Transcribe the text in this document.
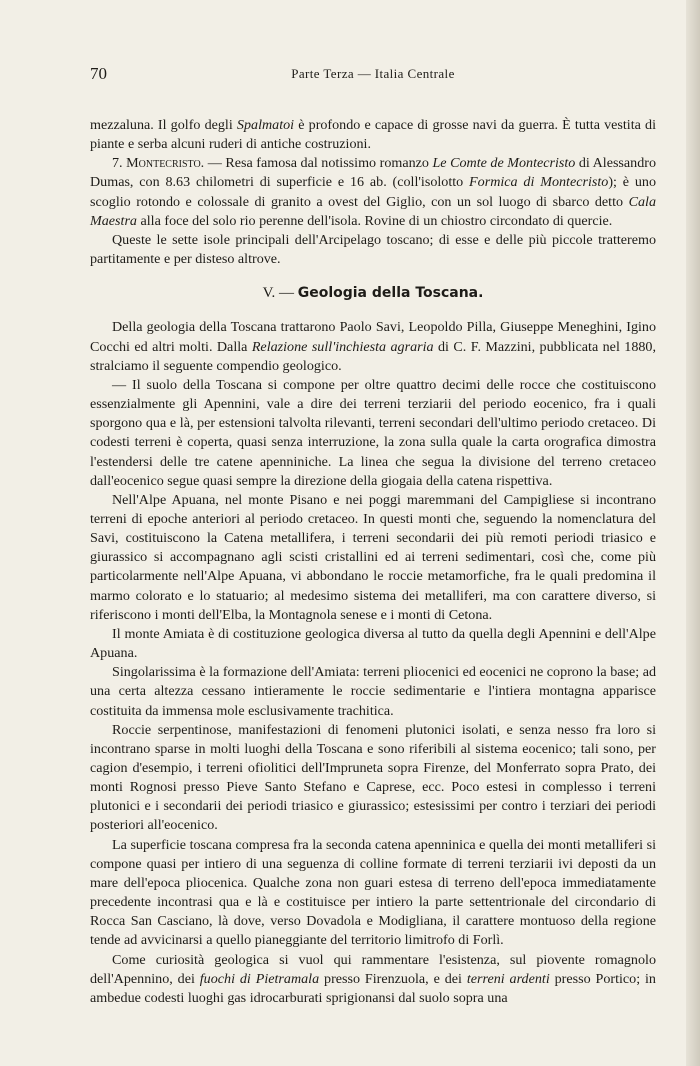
70	Parte Terza — Italia Centrale

mezzaluna. Il golfo degli Spalmatoi è profondo e capace di grosse navi da guerra. È tutta vestita di piante e serba alcuni ruderi di antiche costruzioni.

7. Montecristo. — Resa famosa dal notissimo romanzo Le Comte de Montecristo di Alessandro Dumas, con 8.63 chilometri di superficie e 16 ab. (coll'isolotto Formica di Montecristo); è uno scoglio rotondo e colossale di granito a ovest del Giglio, con un sol luogo di sbarco detto Cala Maestra alla foce del solo rio perenne dell'isola. Rovine di un chiostro circondato di quercie.

Queste le sette isole principali dell'Arcipelago toscano; di esse e delle più piccole tratteremo partitamente e per disteso altrove.

V. — Geologia della Toscana.

Della geologia della Toscana trattarono Paolo Savi, Leopoldo Pilla, Giuseppe Meneghini, Igino Cocchi ed altri molti. Dalla Relazione sull'inchiesta agraria di C. F. Mazzini, pubblicata nel 1880, stralciamo il seguente compendio geologico.

— Il suolo della Toscana si compone per oltre quattro decimi delle rocce che costituiscono essenzialmente gli Apennini, vale a dire dei terreni terziarii del periodo eocenico, fra i quali sporgono qua e là, per estensioni talvolta rilevanti, terreni secondari dell'ultimo periodo cretaceo. Di codesti terreni è coperta, quasi senza interruzione, la zona sulla quale la carta orografica dimostra l'estendersi delle tre catene apenniniche. La linea che segua la divisione del terreno cretaceo dall'eocenico segue quasi sempre la direzione della giogaia della catena rispettiva.

Nell'Alpe Apuana, nel monte Pisano e nei poggi maremmani del Campigliese si incontrano terreni di epoche anteriori al periodo cretaceo. In questi monti che, seguendo la nomenclatura del Savi, costituiscono la Catena metallifera, i terreni secondarii dei più remoti periodi triasico e giurassico si accompagnano agli scisti cristallini ed ai terreni sedimentari, così che, come più particolarmente nell'Alpe Apuana, vi abbondano le roccie metamorfiche, fra le quali predomina il marmo colorato e lo statuario; al medesimo sistema dei metalliferi, ma con carattere diverso, si riferiscono i monti dell'Elba, la Montagnola senese e i monti di Cetona.

Il monte Amiata è di costituzione geologica diversa al tutto da quella degli Apennini e dell'Alpe Apuana.

Singolarissima è la formazione dell'Amiata: terreni pliocenici ed eocenici ne coprono la base; ad una certa altezza cessano intieramente le roccie sedimentarie e l'intiera montagna apparisce costituita da immensa mole esclusivamente trachitica.

Roccie serpentinose, manifestazioni di fenomeni plutonici isolati, e senza nesso fra loro si incontrano sparse in molti luoghi della Toscana e sono riferibili al sistema eocenico; tali sono, per cagion d'esempio, i terreni ofiolitici dell'Impruneta sopra Firenze, del Monferrato sopra Prato, dei monti Rognosi presso Pieve Santo Stefano e Caprese, ecc. Poco estesi in complesso i terreni plutonici e i secondarii dei periodi triasico e giurassico; estesissimi per contro i terziari dei periodi posteriori all'eocenico.

La superficie toscana compresa fra la seconda catena apenninica e quella dei monti metalliferi si compone quasi per intiero di una seguenza di colline formate di terreni terziarii ivi deposti da un mare dell'epoca pliocenica. Qualche zona non guari estesa di terreno dell'epoca immediatamente precedente incontrasi qua e là e costituisce per intiero la parte settentrionale del circondario di Rocca San Casciano, là dove, verso Dovadola e Modigliana, il carattere montuoso della regione tende ad avvicinarsi a quello pianeggiante del territorio limitrofo di Forlì.

Come curiosità geologica si vuol qui rammentare l'esistenza, sul piovente romagnolo dell'Apennino, dei fuochi di Pietramala presso Firenzuola, e dei terreni ardenti presso Portico; in ambedue codesti luoghi gas idrocarburati sprigionansi dal suolo sopra una
